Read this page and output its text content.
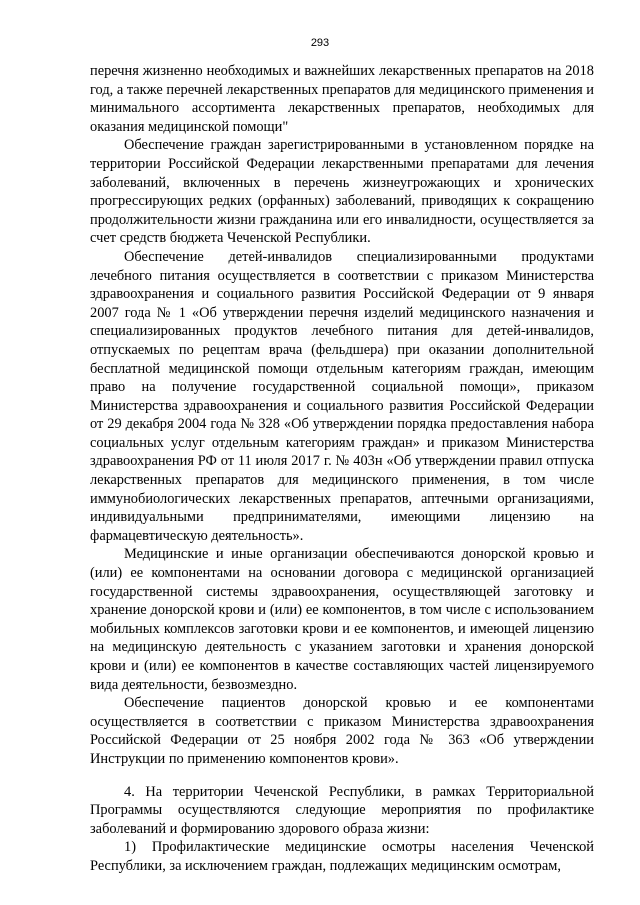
293

перечня жизненно необходимых и важнейших лекарственных препаратов на 2018 год, а также перечней лекарственных препаратов для медицинского применения и минимального ассортимента лекарственных препаратов, необходимых для оказания медицинской помощи"

Обеспечение граждан зарегистрированными в установленном порядке на территории Российской Федерации лекарственными препаратами для лечения заболеваний, включенных в перечень жизнеугрожающих и хронических прогрессирующих редких (орфанных) заболеваний, приводящих к сокращению продолжительности жизни гражданина или его инвалидности, осуществляется за счет средств бюджета Чеченской Республики.

Обеспечение детей-инвалидов специализированными продуктами лечебного питания осуществляется в соответствии с приказом Министерства здравоохранения и социального развития Российской Федерации от 9 января 2007 года № 1 «Об утверждении перечня изделий медицинского назначения и специализированных продуктов лечебного питания для детей-инвалидов, отпускаемых по рецептам врача (фельдшера) при оказании дополнительной бесплатной медицинской помощи отдельным категориям граждан, имеющим право на получение государственной социальной помощи», приказом Министерства здравоохранения и социального развития Российской Федерации от 29 декабря 2004 года № 328 «Об утверждении порядка предоставления набора социальных услуг отдельным категориям граждан» и приказом Министерства здравоохранения РФ от 11 июля 2017 г. № 403н «Об утверждении правил отпуска лекарственных препаратов для медицинского применения, в том числе иммунобиологических лекарственных препаратов, аптечными организациями, индивидуальными предпринимателями, имеющими лицензию на фармацевтическую деятельность».

Медицинские и иные организации обеспечиваются донорской кровью и (или) ее компонентами на основании договора с медицинской организацией государственной системы здравоохранения, осуществляющей заготовку и хранение донорской крови и (или) ее компонентов, в том числе с использованием мобильных комплексов заготовки крови и ее компонентов, и имеющей лицензию на медицинскую деятельность с указанием заготовки и хранения донорской крови и (или) ее компонентов в качестве составляющих частей лицензируемого вида деятельности, безвозмездно.

Обеспечение пациентов донорской кровью и ее компонентами осуществляется в соответствии с приказом Министерства здравоохранения Российской Федерации от 25 ноября 2002 года № 363 «Об утверждении Инструкции по применению компонентов крови».

4. На территории Чеченской Республики, в рамках Территориальной Программы осуществляются следующие мероприятия по профилактике заболеваний и формированию здорового образа жизни:

1) Профилактические медицинские осмотры населения Чеченской Республики, за исключением граждан, подлежащих медицинским осмотрам,
